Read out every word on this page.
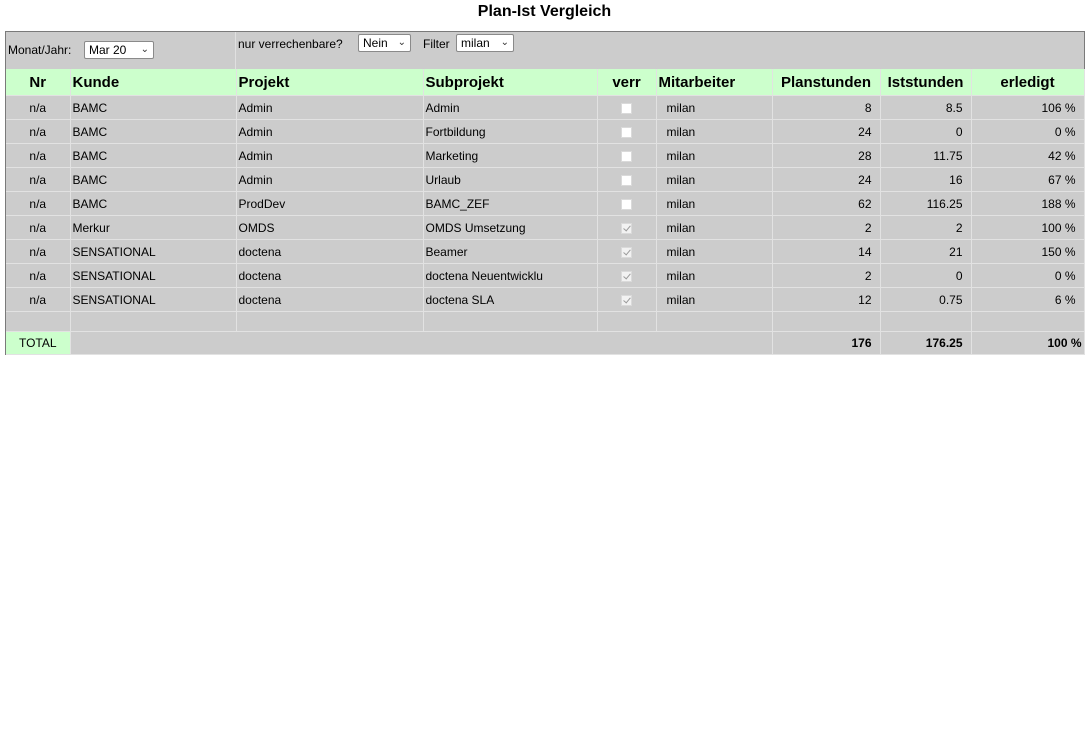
Plan-Ist Vergleich
Monat/Jahr:	Mar 20 ⌄	nur verrechenbare?	Nein ⌄ Filter milan ⌄
Nr	Kunde	Projekt	Subprojekt	verr	Mitarbeiter	Planstunden	Iststunden	erledigt
n/a	BAMC	Admin	Admin		milan	8	8.5	106 %
n/a	BAMC	Admin	Fortbildung		milan	24	0	0 %
n/a	BAMC	Admin	Marketing		milan	28	11.75	42 %
n/a	BAMC	Admin	Urlaub		milan	24	16	67 %
n/a	BAMC	ProdDev	BAMC_ZEF		milan	62	116.25	188 %
n/a	Merkur	OMDS	OMDS Umsetzung		milan	2	2	100 %
n/a	SENSATIONAL	doctena	Beamer		milan	14	21	150 %
n/a	SENSATIONAL	doctena	doctena Neuentwicklu		milan	2	0	0 %
n/a	SENSATIONAL	doctena	doctena SLA		milan	12	0.75	6 %

TOTAL						176	176.25	100 %
